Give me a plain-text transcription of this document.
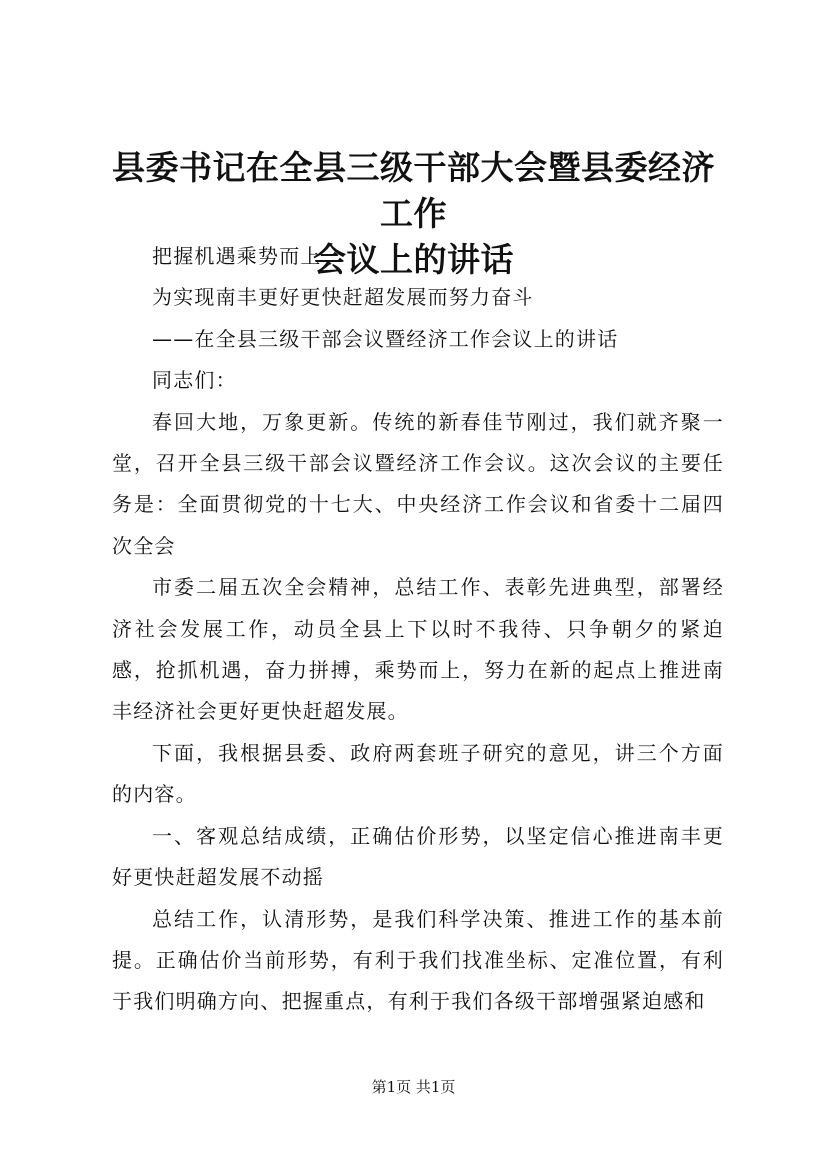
县委书记在全县三级干部大会暨县委经济工作
会议上的讲话

把握机遇乘势而上

为实现南丰更好更快赶超发展而努力奋斗

——在全县三级干部会议暨经济工作会议上的讲话

同志们：

春回大地，万象更新。传统的新春佳节刚过，我们就齐聚一堂，召开全县三级干部会议暨经济工作会议。这次会议的主要任务是：全面贯彻党的十七大、中央经济工作会议和省委十二届四次全会

市委二届五次全会精神，总结工作、表彰先进典型，部署经济社会发展工作，动员全县上下以时不我待、只争朝夕的紧迫感，抢抓机遇，奋力拼搏，乘势而上，努力在新的起点上推进南丰经济社会更好更快赶超发展。

下面，我根据县委、政府两套班子研究的意见，讲三个方面的内容。

一、客观总结成绩，正确估价形势，以坚定信心推进南丰更好更快赶超发展不动摇

总结工作，认清形势，是我们科学决策、推进工作的基本前提。正确估价当前形势，有利于我们找准坐标、定准位置，有利于我们明确方向、把握重点，有利于我们各级干部增强紧迫感和

第1页 共1页
